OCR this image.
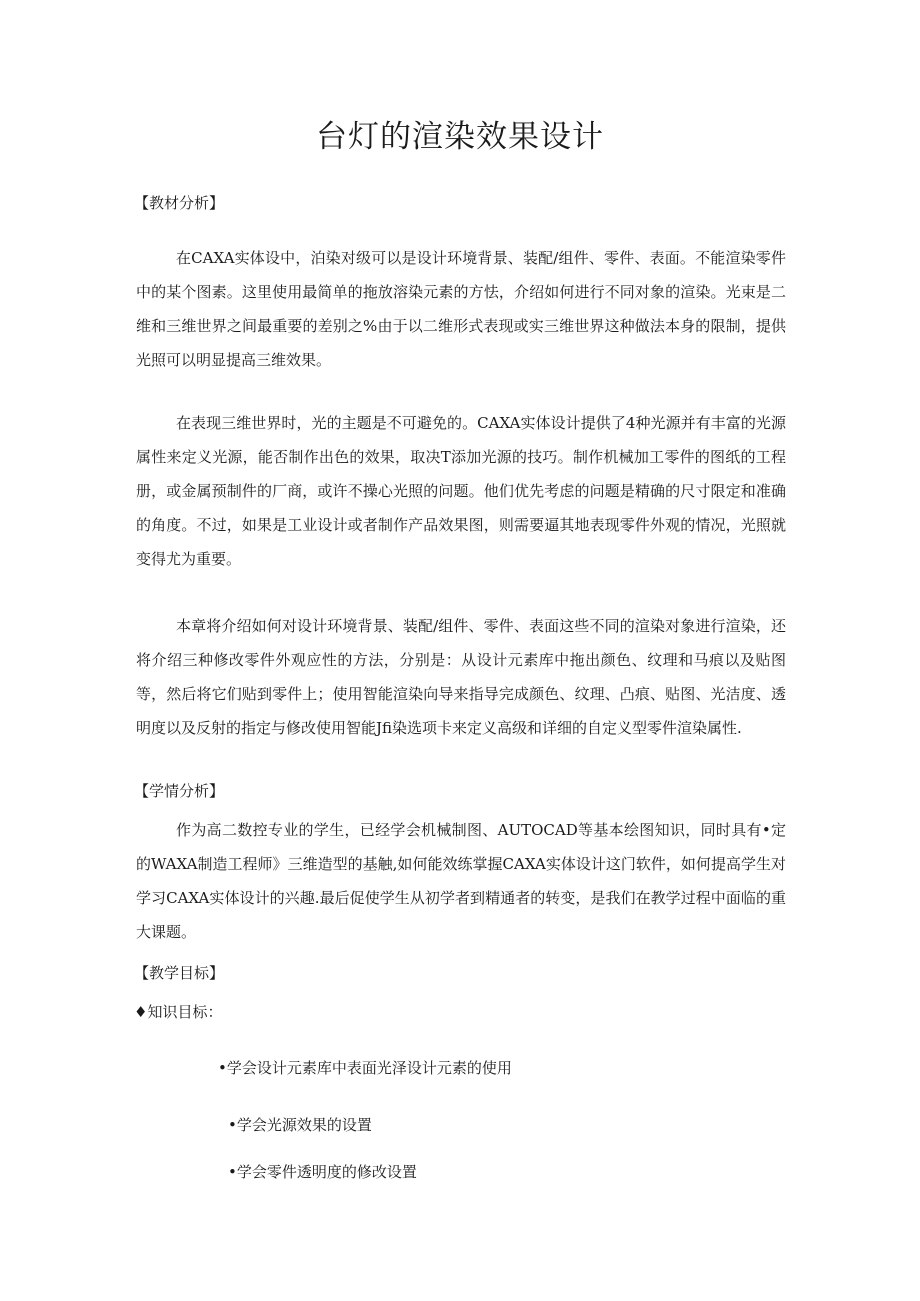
台灯的渲染效果设计

【教材分析】

在CAXA实体设中，泊染对级可以是设计环境背景、装配/组件、零件、表面。不能渲染零件中的某个图素。这里使用最简单的拖放溶染元素的方怯，介绍如何进行不同对象的渲染。光束是二维和三维世界之间最重要的差别之%由于以二维形式表现或实三维世界这种做法本身的限制，提供光照可以明显提高三维效果。

在表现三维世界时，光的主题是不可避免的。CAXA实体设计提供了4种光源并有丰富的光源属性来定义光源，能否制作出色的效果，取决T添加光源的技巧。制作机械加工零件的图纸的工程册，或金属预制件的厂商，或许不操心光照的问题。他们优先考虑的问题是精确的尺寸限定和准确的角度。不过，如果是工业设计或者制作产品效果图，则需要逼其地表现零件外观的情况，光照就变得尤为重要。

本章将介绍如何对设计环境背景、装配/组件、零件、表面这些不同的渲染对象进行渲染，还将介绍三种修改零件外观应性的方法，分别是：从设计元素库中拖出颜色、纹理和马痕以及贴图等，然后将它们贴到零件上；使用智能渲染向导来指导完成颜色、纹理、凸痕、贴图、光洁度、透明度以及反射的指定与修改使用智能Jfi染选项卡来定义高级和详细的自定义型零件渲染属性.

【学情分析】

作为高二数控专业的学生，已经学会机械制图、AUTOCAD等基本绘图知识，同时具有•定的WAXA制造工程师》三维造型的基触,如何能效练掌握CAXA实体设计这门软件，如何提高学生对学习CAXA实体设计的兴趣.最后促使学生从初学者到精通者的转变，是我们在教学过程中面临的重大课题。

【教学目标】

♦知识目标：

•学会设计元素库中表面光泽设计元素的使用

•学会光源效果的设置

•学会零件透明度的修改设置
